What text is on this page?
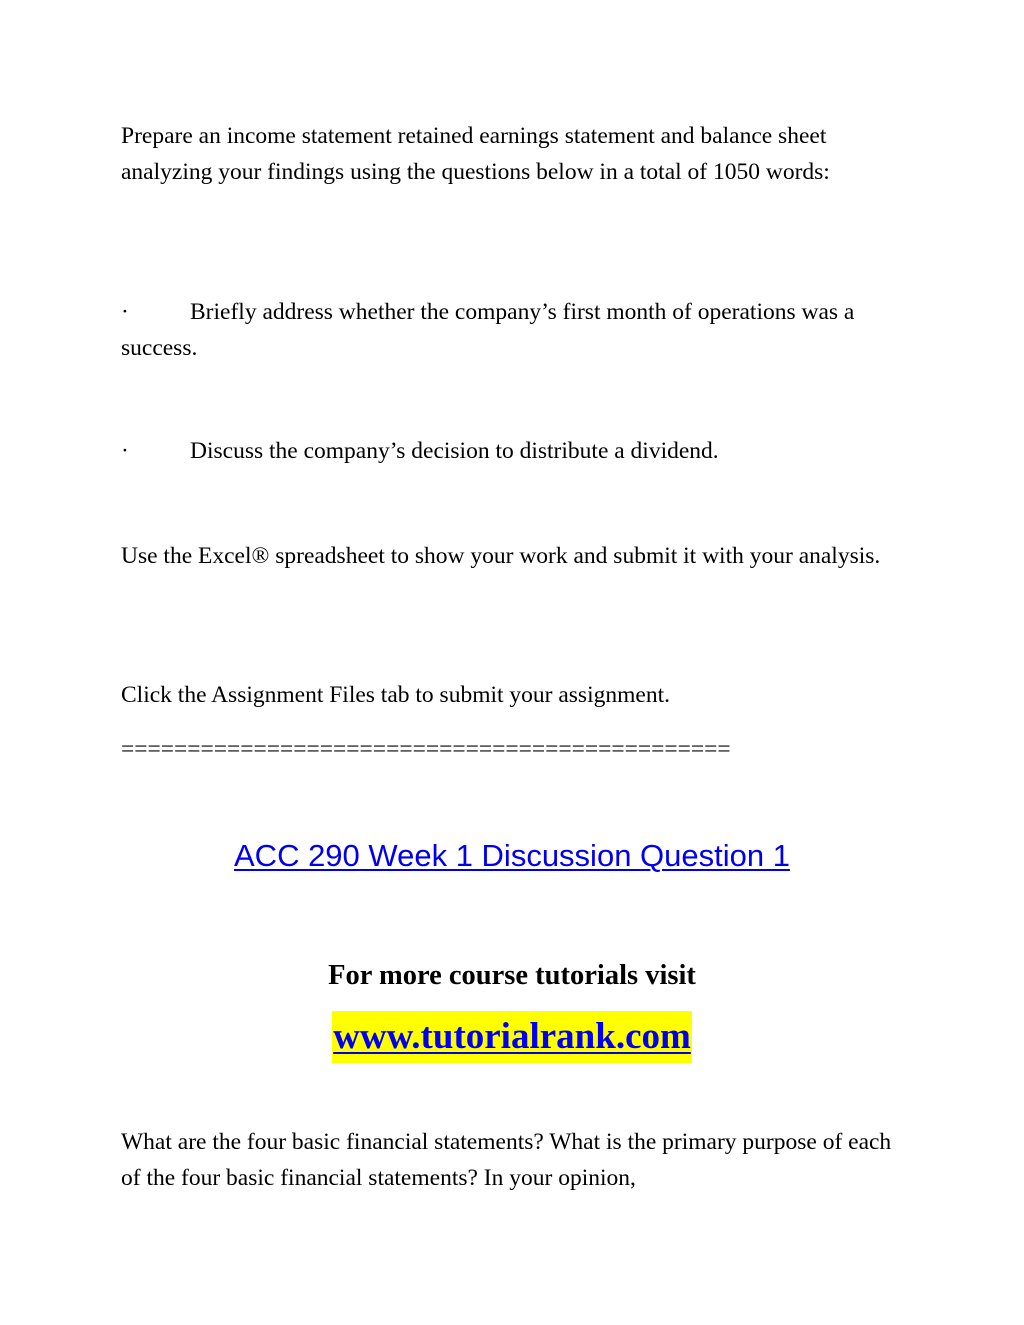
Prepare an income statement retained earnings statement and balance sheet analyzing your findings using the questions below in a total of 1050 words:

·	Briefly address whether the company’s first month of operations was a success.

·	Discuss the company’s decision to distribute a dividend.

Use the Excel® spreadsheet to show your work and submit it with your analysis.

Click the Assignment Files tab to submit your assignment.

==============================================

ACC 290 Week 1 Discussion Question 1

For more course tutorials visit

www.tutorialrank.com

What are the four basic financial statements? What is the primary purpose of each of the four basic financial statements? In your opinion,
